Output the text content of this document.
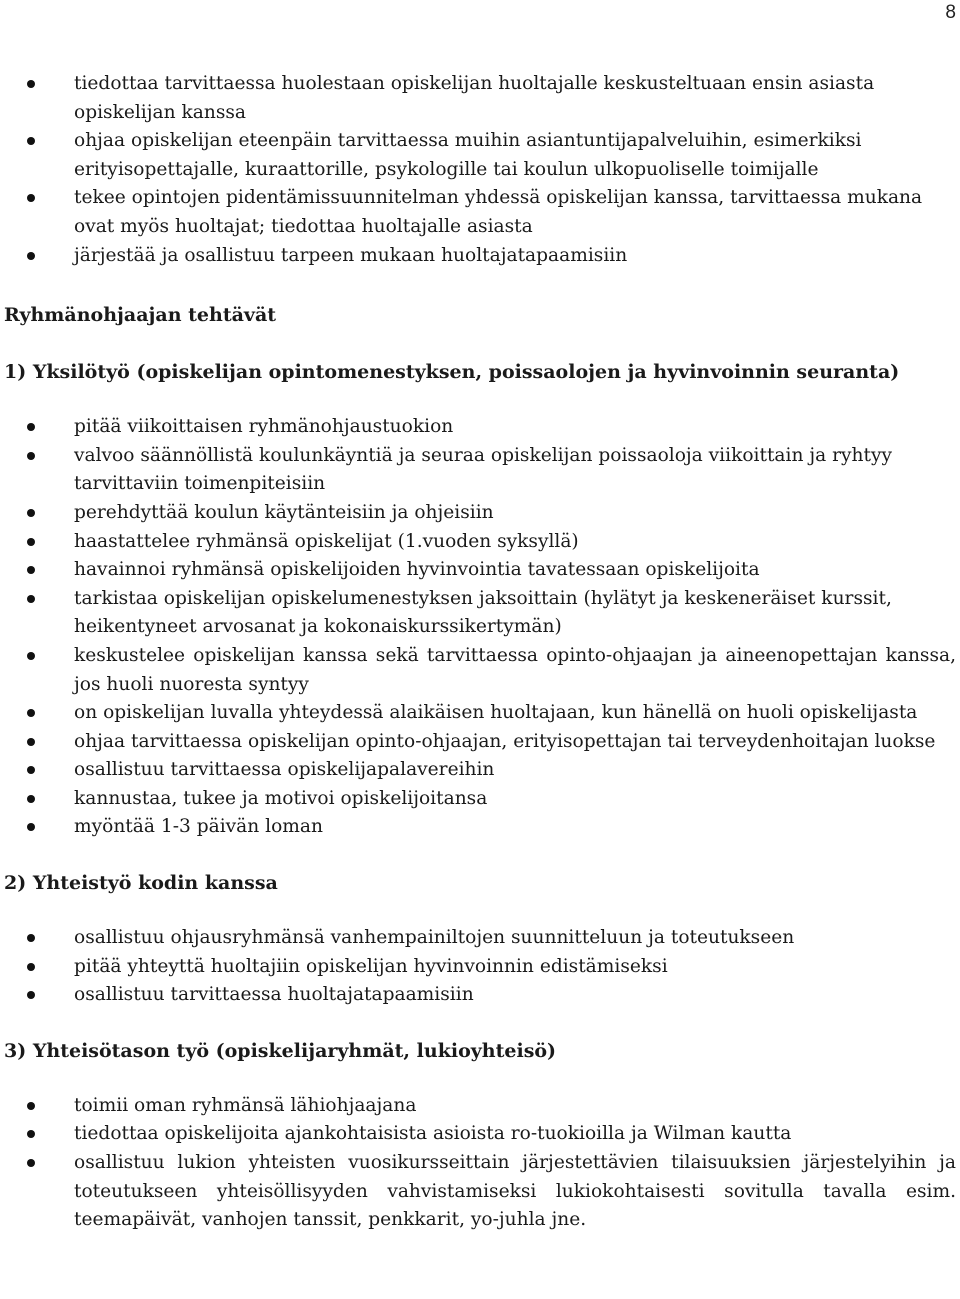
8
tiedottaa tarvittaessa huolestaan opiskelijan huoltajalle keskusteltuaan ensin asiasta opiskelijan kanssa
ohjaa opiskelijan eteenpäin tarvittaessa muihin asiantuntijapalveluihin, esimerkiksi erityisopettajalle, kuraattorille, psykologille tai koulun ulkopuoliselle toimijalle
tekee opintojen pidentämissuunnitelman yhdessä opiskelijan kanssa, tarvittaessa mukana ovat myös huoltajat; tiedottaa huoltajalle asiasta
järjestää ja osallistuu tarpeen mukaan huoltajatapaamisiin
Ryhmänohjaajan tehtävät
1) Yksilötyö (opiskelijan opintomenestyksen, poissaolojen ja hyvinvoinnin seuranta)
pitää viikoittaisen ryhmänohjaustuokion
valvoo säännöllistä koulunkäyntiä ja seuraa opiskelijan poissaoloja viikoittain ja ryhtyy tarvittaviin toimenpiteisiin
perehdyttää koulun käytänteisiin ja ohjeisiin
haastattelee ryhmänsä opiskelijat (1.vuoden syksyllä)
havainnoi ryhmänsä opiskelijoiden hyvinvointia tavatessaan opiskelijoita
tarkistaa opiskelijan opiskelumenestyksen jaksoittain (hylätyt ja keskeneräiset kurssit, heikentyneet arvosanat ja kokonaiskurssikertymän)
keskustelee opiskelijan kanssa sekä tarvittaessa opinto-ohjaajan ja aineenopettajan kanssa, jos huoli nuoresta syntyy
on opiskelijan luvalla yhteydessä alaikäisen huoltajaan, kun hänellä on huoli opiskelijasta
ohjaa tarvittaessa opiskelijan opinto-ohjaajan, erityisopettajan tai terveydenhoitajan luokse
osallistuu tarvittaessa opiskelijapalavereihin
kannustaa, tukee ja motivoi opiskelijoitansa
myöntää 1-3 päivän loman
2) Yhteistyö kodin kanssa
osallistuu ohjausryhmänsä vanhempainiltojen suunnitteluun ja toteutukseen
pitää yhteyttä huoltajiin opiskelijan hyvinvoinnin edistämiseksi
osallistuu tarvittaessa huoltajatapaamisiin
3) Yhteisötason työ (opiskelijaryhmät, lukioyhteisö)
toimii oman ryhmänsä lähiohjaajana
tiedottaa opiskelijoita ajankohtaisista asioista ro-tuokioilla ja Wilman kautta
osallistuu lukion yhteisten vuosikursseittain järjestettävien tilaisuuksien järjestelyihin ja toteutukseen yhteisöllisyyden vahvistamiseksi lukiokohtaisesti sovitulla tavalla esim. teemapäivät, vanhojen tanssit, penkkarit, yo-juhla jne.
